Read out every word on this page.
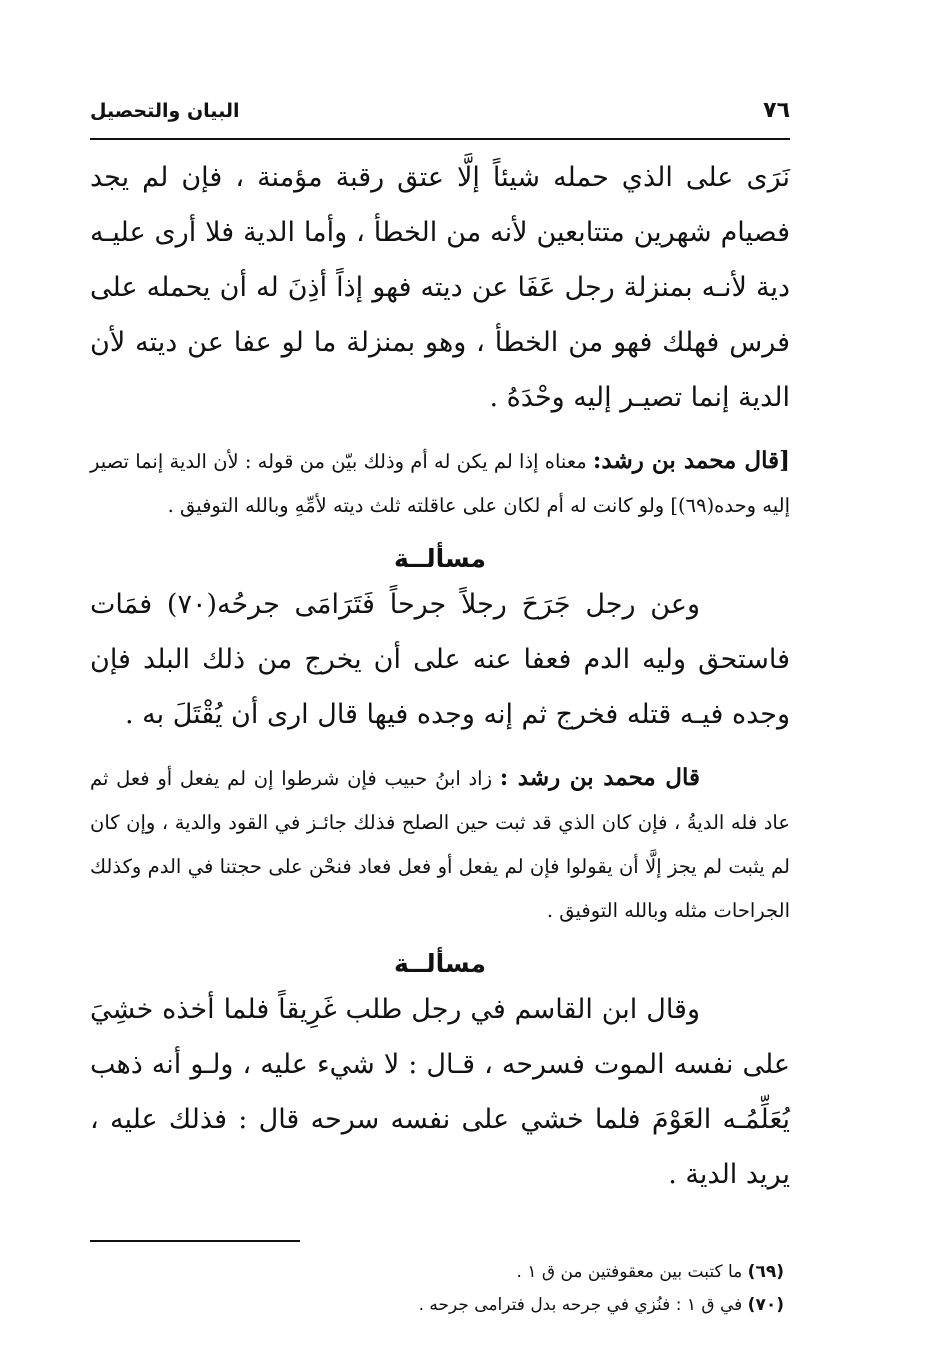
٧٦
البيان والتحصيل

نَرَى على الذي حمله شيئاً إلَّا عتق رقبة مؤمنة ، فإن لم يجد فصيام شهرين متتابعين لأنه من الخطأ ، وأما الدية فلا أرى عليـه دية لأنـه بمنزلة رجل عَفَا عن ديته فهو إذاً أذِنَ له أن يحمله على فرس فهلك فهو من الخطأ ، وهو بمنزلة ما لو عفا عن ديته لأن الدية إنما تصيـر إليه وحْدَهُ .

[قال محمد بن رشد: معناه إذا لم يكن له أم وذلك بيّن من قوله : لأن الدية إنما تصير إليه وحده(٦٩)] ولو كانت له أم لكان على عاقلته ثلث ديته لأمِّهِ وبالله التوفيق .

مسألــة

وعن رجل جَرَحَ رجلاً جرحاً فَتَرَامَى جرحُه(٧٠) فمَات فاستحق وليه الدم فعفا عنه على أن يخرج من ذلك البلد فإن وجده فيـه قتله فخرج ثم إنه وجده فيها قال ارى أن يُقْتَلَ به .

قال محمد بن رشد : زاد ابنُ حبيب فإن شرطوا إن لم يفعل أو فعل ثم عاد فله الديةُ ، فإن كان الذي قد ثبت حين الصلح فذلك جائـز في القود والدية ، وإن كان لم يثبت لم يجز إلَّا أن يقولوا فإن لم يفعل أو فعل فعاد فنحْن على حجتنا في الدم وكذلك الجراحات مثله وبالله التوفيق .

مسألــة

وقال ابن القاسم في رجل طلب غَرِيقاً فلما أخذه خشِيَ على نفسه الموت فسرحه ، قـال : لا شيء عليه ، ولـو أنه ذهب يُعَلِّمُـه العَوْمَ فلما خشي على نفسه سرحه قال : فذلك عليه ، يريد الدية .

(٦٩) ما كتبت بين معقوفتين من ق ١ .

(٧٠) في ق ١ : فنُزي في جرحه بدل فترامى جرحه .
